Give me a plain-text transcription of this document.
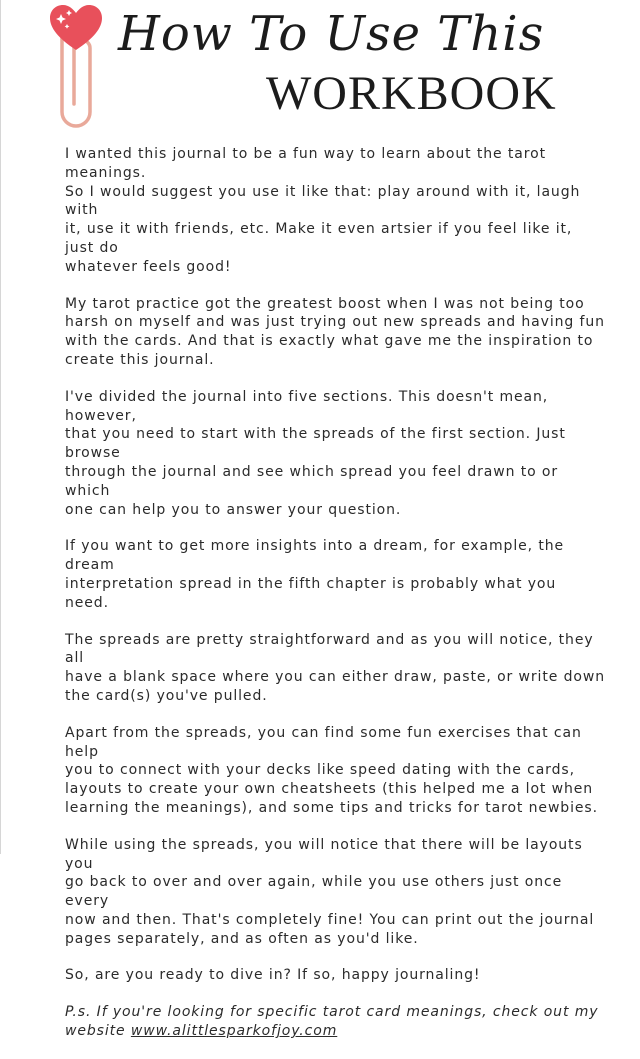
How To Use This
WORKBOOK

I wanted this journal to be a fun way to learn about the tarot meanings.
So I would suggest you use it like that: play around with it, laugh with
it, use it with friends, etc. Make it even artsier if you feel like it, just do
whatever feels good!

My tarot practice got the greatest boost when I was not being too
harsh on myself and was just trying out new spreads and having fun
with the cards. And that is exactly what gave me the inspiration to
create this journal.

I've divided the journal into five sections. This doesn't mean, however,
that you need to start with the spreads of the first section. Just browse
through the journal and see which spread you feel drawn to or which
one can help you to answer your question.

If you want to get more insights into a dream, for example, the dream
interpretation spread in the fifth chapter is probably what you need.

The spreads are pretty straightforward and as you will notice, they all
have a blank space where you can either draw, paste, or write down
the card(s) you've pulled.

Apart from the spreads, you can find some fun exercises that can help
you to connect with your decks like speed dating with the cards,
layouts to create your own cheatsheets (this helped me a lot when
learning the meanings), and some tips and tricks for tarot newbies.

While using the spreads, you will notice that there will be layouts you
go back to over and over again, while you use others just once every
now and then. That's completely fine! You can print out the journal
pages separately, and as often as you'd like.

So, are you ready to dive in? If so, happy journaling!

P.s. If you're looking for specific tarot card meanings, check out my
website www.alittlesparkofjoy.com
